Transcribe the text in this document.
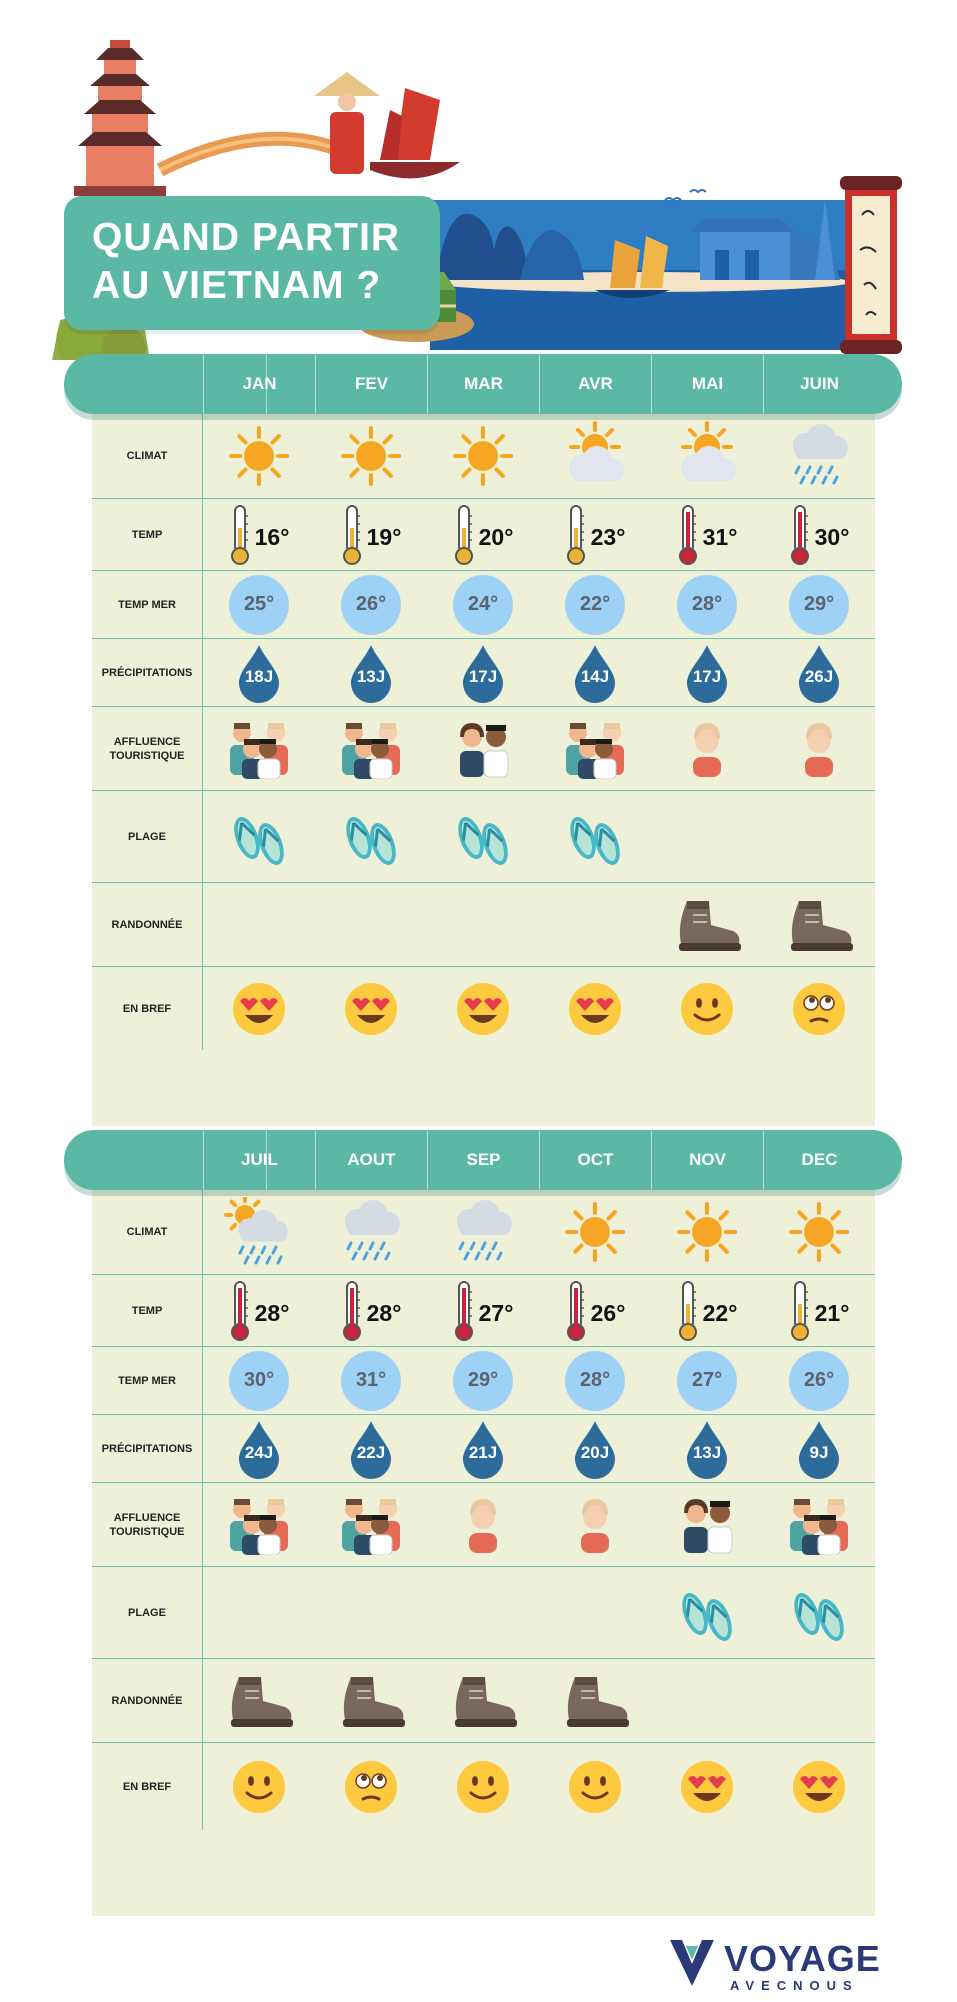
QUAND PARTIR
AU VIETNAM ?
JAN	FEV	MAR	AVR	MAI	JUIN
CLIMAT
TEMP	16°	19°	20°	23°	31°	30°
TEMP MER	25°	26°	24°	22°	28°	29°
PRÉCIPITATIONS	18J	13J	17J	14J	17J	26J
AFFLUENCE
TOURISTIQUE
PLAGE
RANDONNÉE
EN BREF
JUIL	AOUT	SEP	OCT	NOV	DEC
CLIMAT
TEMP	28°	28°	27°	26°	22°	21°
TEMP MER	30°	31°	29°	28°	27°	26°
PRÉCIPITATIONS	24J	22J	21J	20J	13J	9J
AFFLUENCE
TOURISTIQUE
PLAGE
RANDONNÉE
EN BREF
VOYAGE
AVECNOUS
